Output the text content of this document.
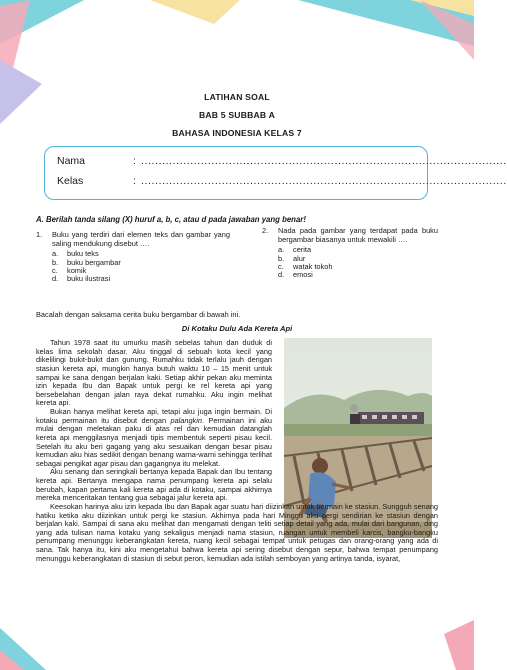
LATIHAN SOAL
BAB 5 SUBBAB A
BAHASA INDONESIA KELAS 7
Nama	: ........................................................................................................
Kelas	: ........................................................................................................
A. Berilah tanda silang (X) huruf a, b, c, atau d pada jawaban yang benar!
1. Buku yang terdiri dari elemen teks dan gambar yang saling mendukung disebut ….
a. buku teks
b. buku bergambar
c. komik
d. buku ilustrasi
2. Nada pada gambar yang terdapat pada buku bergambar biasanya untuk mewakili ….
a. cerita
b. alur
c. watak tokoh
d. emosi
Bacalah dengan saksama cerita buku bergambar di bawah ini.
Di Kotaku Dulu Ada Kereta Api

Tahun 1978 saat itu umurku masih sebelas tahun dan duduk di kelas lima sekolah dasar. Aku tinggal di sebuah kota kecil yang dikelilingi bukit-bukit dan gunung. Rumahku tidak terlalu jauh dengan stasiun kereta api, mungkin hanya butuh waktu 10 – 15 menit untuk sampai ke sana dengan berjalan kaki. Setiap akhir pekan aku meminta izin kepada Ibu dan Bapak untuk pergi ke rel kereta api yang bersebelahan dengan jalan raya dekat rumahku. Aku ingin melihat kereta api.

Bukan hanya melihat kereta api, tetapi aku juga ingin bermain. Di kotaku permainan itu disebut dengan palangkin. Permainan ini aku mulai dengan meletakan paku di atas rel dan kemudian datanglah kereta api menggilasnya menjadi tipis membentuk seperti pisau kecil. Setelah itu aku beri gagang yang aku sesuaikan dengan besar pisau kemudian aku hias sedikit dengan benang warna-warni sehingga terlihat sebagai pengikat agar pisau dan gagangnya itu melekat.

Aku senang dan seringkali bertanya kepada Bapak dan Ibu tentang kereta api. Bertanya mengapa nama penumpang kereta api selalu berubah, kapan pertama kali kereta api ada di kotaku, sampai akhirnya mereka menceritakan tentang gua sebagai jalur kereta api.

Keesokan harinya aku izin kepada Ibu dan Bapak agar suatu hari diizinkan untuk bermain ke stasiun. Sungguh senang hatiku ketika aku diizinkan untuk pergi ke stasiun. Akhirnya pada hari Minggu aku pergi sendirian ke stasiun dengan berjalan kaki. Sampai di sana aku melihat dan mengamati dengan teliti setiap detail yang ada, mulai dari bangunan, ding yang ada tulisan nama kotaku yang sekaligus menjadi nama stasiun, ruangan untuk membeli karcis, bangku-bangku penumpang menunggu keberangkatan kereta, ruang kecil sebagai tempat untuk petugas dan orang-orang yang ada di sana. Tak hanya itu, kini aku mengetahui bahwa kereta api sering disebut dengan sepur, bahwa tempat penumpang menunggu keberangkatan di stasiun di sebut peron, kemudian ada istilah semboyan yang artinya tanda, isyarat,
